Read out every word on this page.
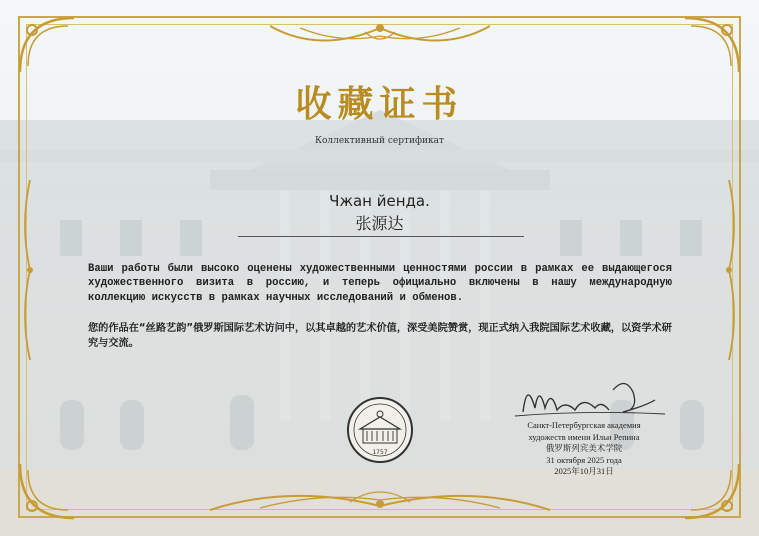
收藏证书
Коллективный сертификат
Чжан йенда.
张源达
Ваши работы были высоко оценены художественными ценностями россии в рамках ее выдающегося художественного визита в россию, и теперь официально включены в нашу международную коллекцию искусств в рамках научных исследований и обменов.
您的作品在“丝路艺韵”俄罗斯国际艺术访问中，以其卓越的艺术价值，深受美院赞赏，现正式纳入我院国际艺术收藏，以资学术研究与交流。
1757
Санкт-Петербургская академия
художеств имени Ильи Репина
俄罗斯列宾美术学院
31 октября 2025 года
2025年10月31日
